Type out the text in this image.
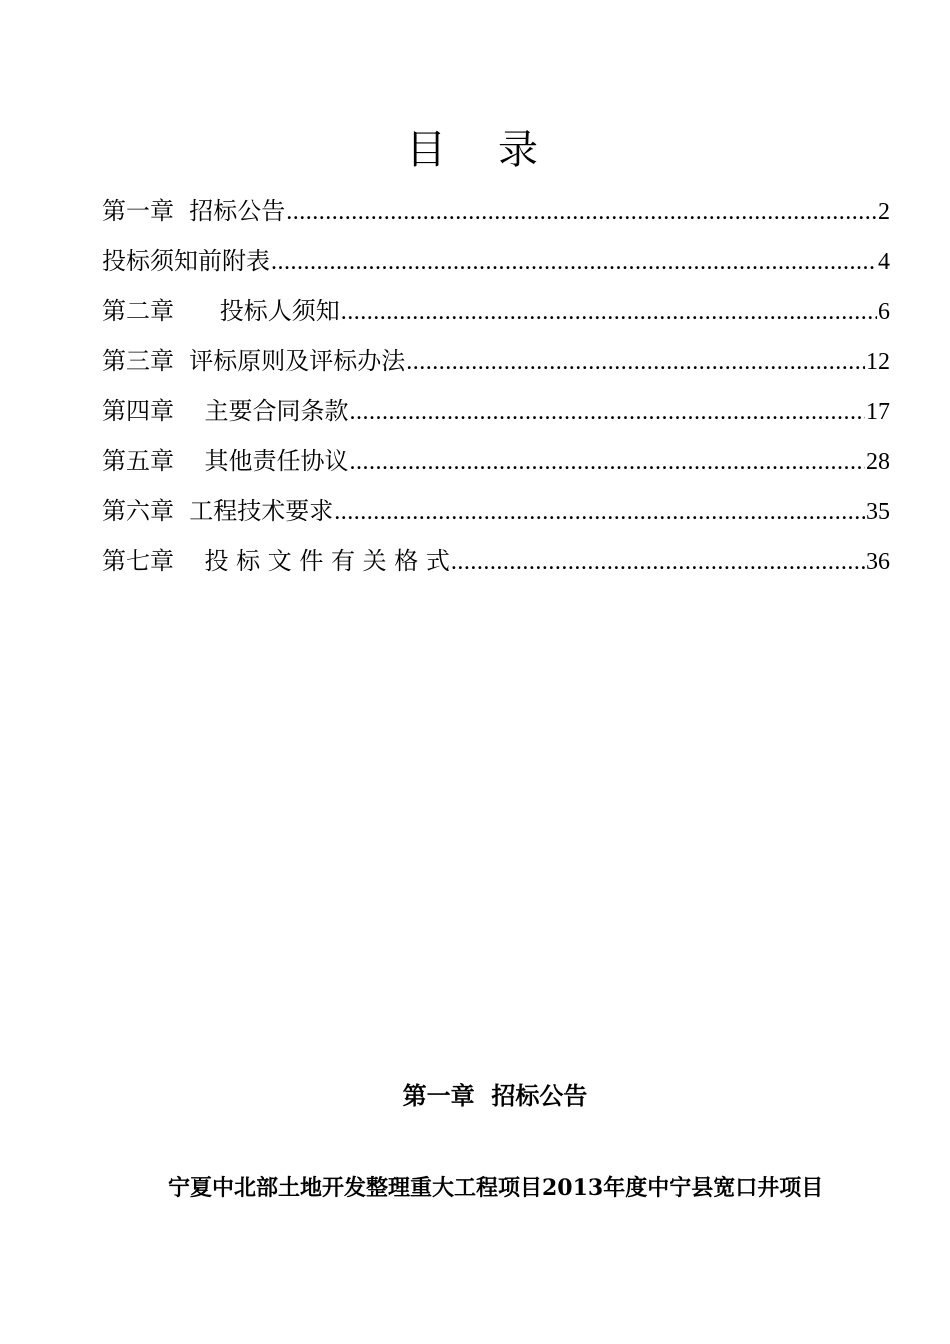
目录
第一章  招标公告 .....	2
投标须知前附表 .....	4
第二章      投标人须知 .....	6
第三章  评标原则及评标办法 .....	12
第四章    主要合同条款 .....	17
第五章    其他责任协议 .....	28
第六章  工程技术要求 .....	35
第七章    投 标 文 件 有 关 格 式 .....	36
第一章  招标公告
宁夏中北部土地开发整理重大工程项目2013年度中宁县宽口井项目
